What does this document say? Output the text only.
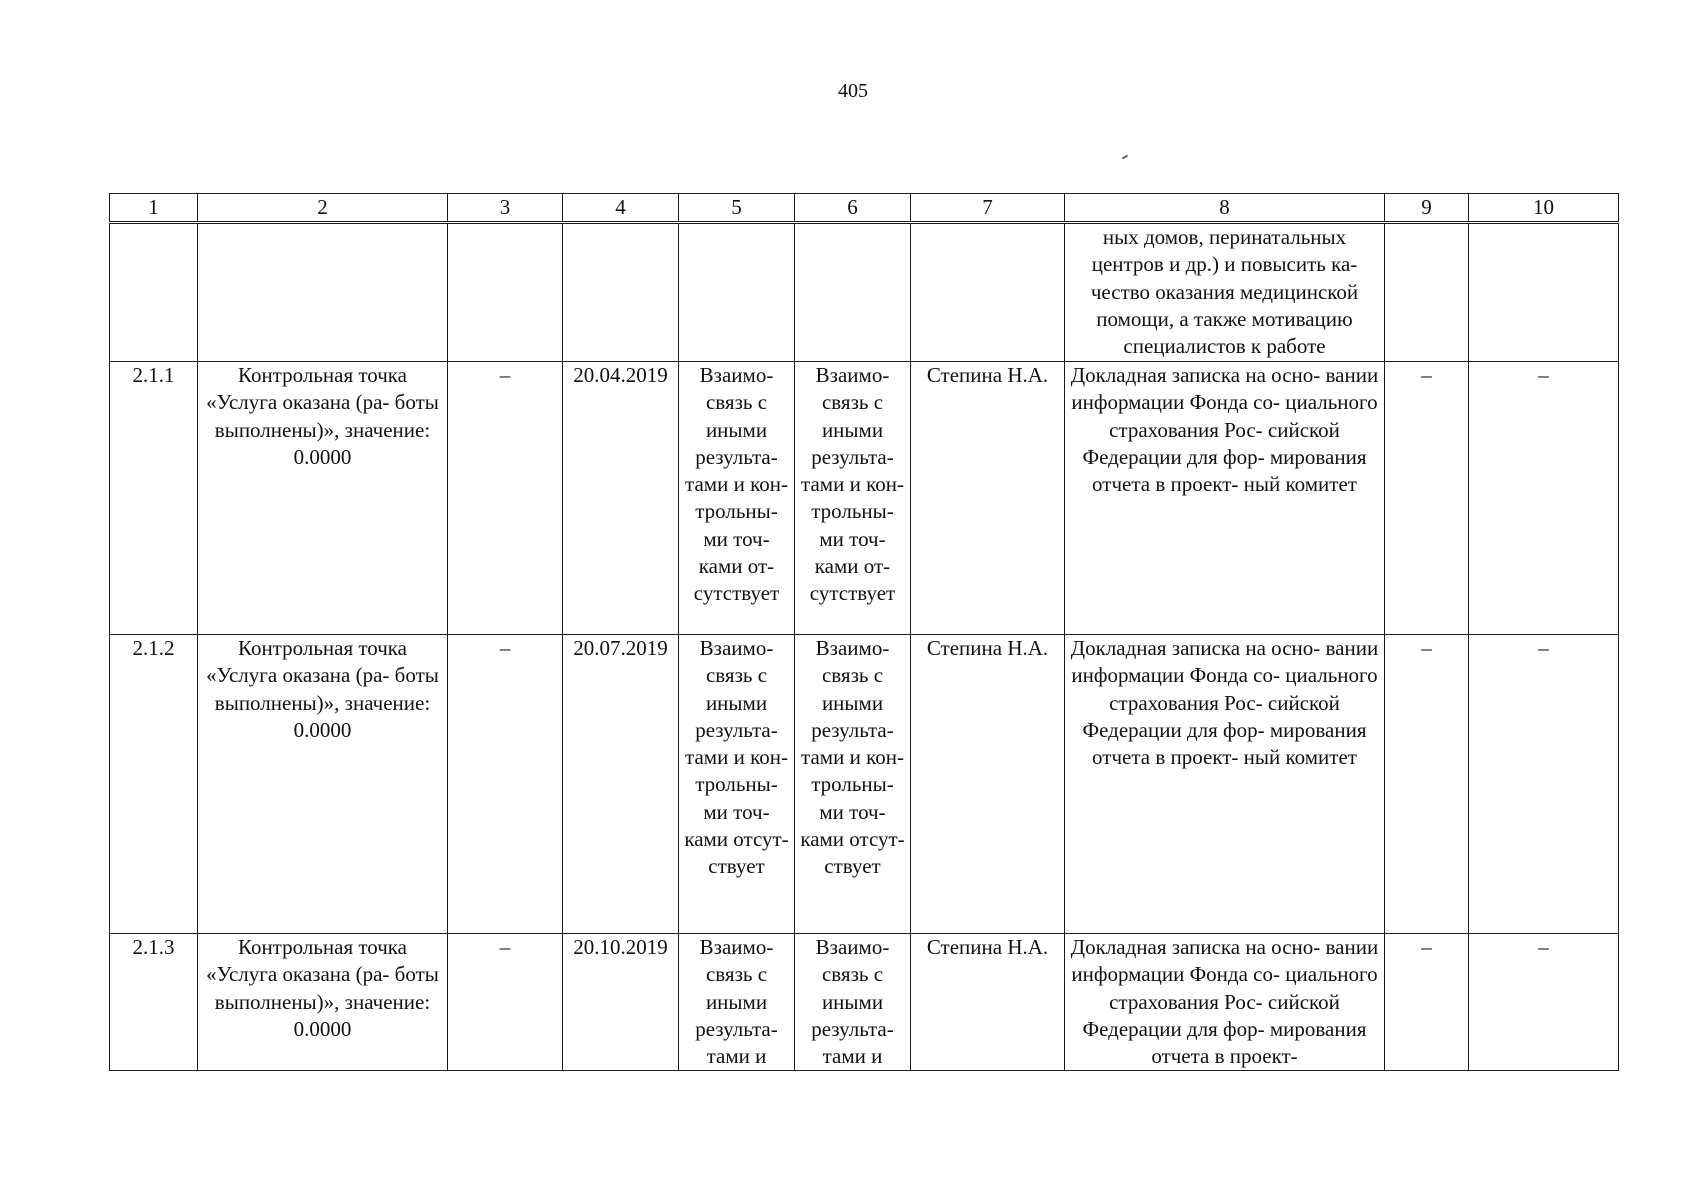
405
1	2	3	4	5	6	7	8	9	10

							ных домов, перинатальных центров и др.) и повысить ка- чество оказания медицинской помощи, а также мотивацию специалистов к работе		

2.1.1	Контрольная точка «Услуга оказана (ра- боты выполнены)», значение: 0.0000	–	20.04.2019	Взаимо- связь с иными результа- тами и кон- трольны- ми точ- ками от- сутствует	Взаимо- связь с иными результа- тами и кон- трольны- ми точ- ками от- сутствует	Степина Н.А.	Докладная записка на осно- вании информации Фонда со- циального страхования Рос- сийской Федерации для фор- мирования отчета в проект- ный комитет	–	–
2.1.2	Контрольная точка «Услуга оказана (ра- боты выполнены)», значение: 0.0000	–	20.07.2019	Взаимо- связь с иными результа- тами и кон- трольны- ми точ- ками отсут- ствует	Взаимо- связь с иными результа- тами и кон- трольны- ми точ- ками отсут- ствует	Степина Н.А.	Докладная записка на осно- вании информации Фонда со- циального страхования Рос- сийской Федерации для фор- мирования отчета в проект- ный комитет	–	–
2.1.3	Контрольная точка «Услуга оказана (ра- боты выполнены)», значение: 0.0000	–	20.10.2019	Взаимо- связь с иными результа- тами и	Взаимо- связь с иными результа- тами и	Степина Н.А.	Докладная записка на осно- вании информации Фонда со- циального страхования Рос- сийской Федерации для фор- мирования отчета в проект-	–	–
